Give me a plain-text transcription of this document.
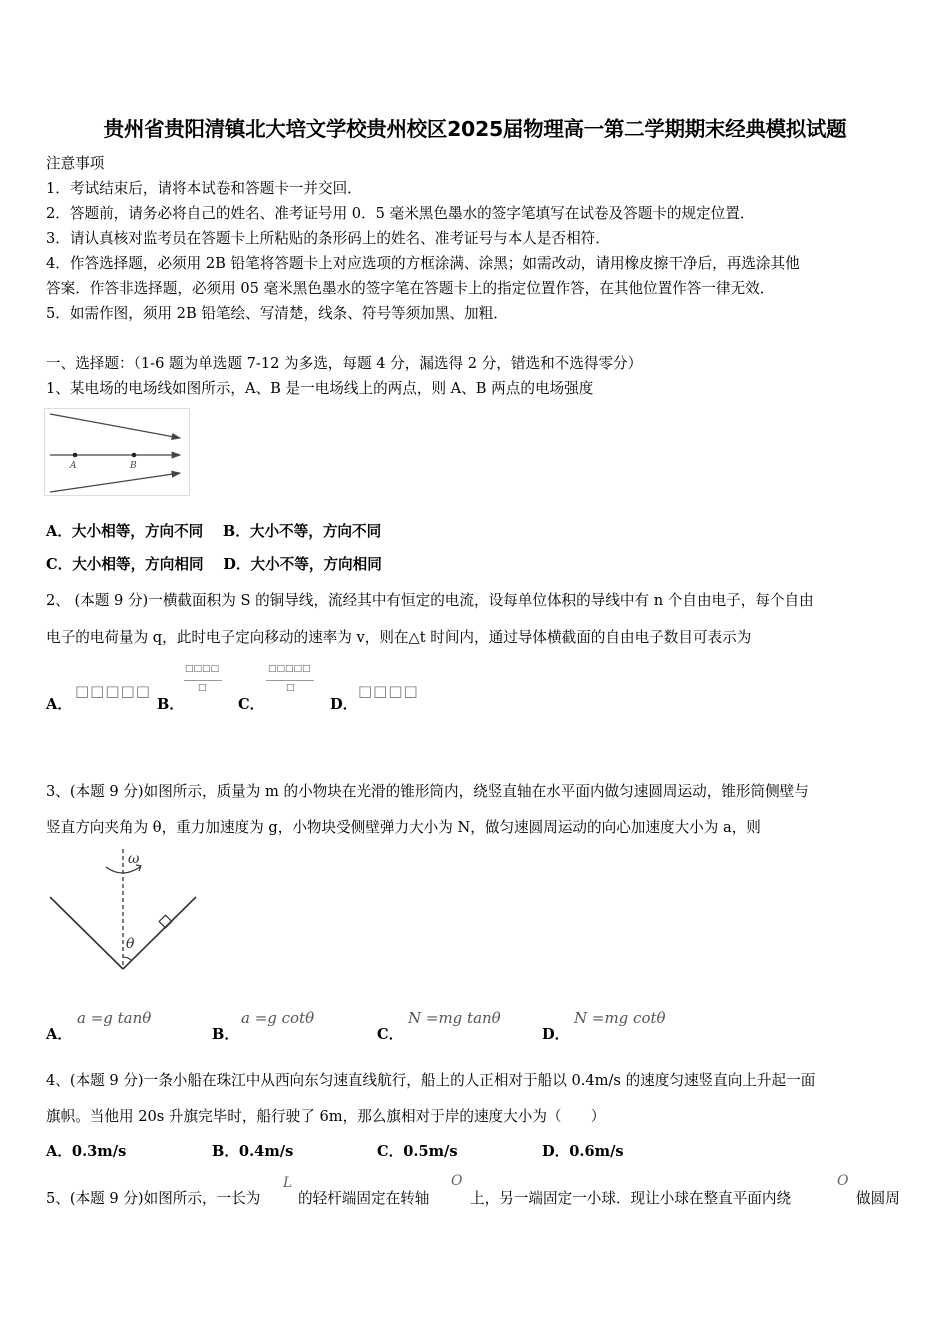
贵州省贵阳清镇北大培文学校贵州校区2025届物理高一第二学期期末经典模拟试题
注意事项
1．考试结束后，请将本试卷和答题卡一并交回．
2．答题前，请务必将自己的姓名、准考证号用 0．5 毫米黑色墨水的签字笔填写在试卷及答题卡的规定位置．
3．请认真核对监考员在答题卡上所粘贴的条形码上的姓名、准考证号与本人是否相符．
4．作答选择题，必须用 2B 铅笔将答题卡上对应选项的方框涂满、涂黑；如需改动，请用橡皮擦干净后，再选涂其他
答案．作答非选择题，必须用 05 毫米黑色墨水的签字笔在答题卡上的指定位置作答，在其他位置作答一律无效．
5．如需作图，须用 2B 铅笔绘、写清楚，线条、符号等须加黑、加粗．
一、选择题：（1-6 题为单选题 7-12 为多选，每题 4 分，漏选得 2 分，错选和不选得零分）
1、某电场的电场线如图所示，A、B 是一电场线上的两点，则 A、B 两点的电场强度
A	B
A．大小相等，方向不同　 B．大小不等，方向不同
C．大小相等，方向相同　 D．大小不等，方向相同
2、 (本题 9 分)一横截面积为 S 的铜导线，流经其中有恒定的电流，设每单位体积的导线中有 n 个自由电子，每个自由
电子的电荷量为 q，此时电子定向移动的速率为 v，则在△t 时间内，通过导体横截面的自由电子数目可表示为
A．
□□□□□
B．
□□□□
□
C．
□□□□□
□
D．
□□□□
3、(本题 9 分)如图所示，质量为 m 的小物块在光滑的锥形筒内，绕竖直轴在水平面内做匀速圆周运动，锥形筒侧壁与
竖直方向夹角为 θ，重力加速度为 g，小物块受侧壁弹力大小为 N，做匀速圆周运动的向心加速度大小为 a，则
ω
θ
A．
a =g tanθ
B．
a =g cotθ
C．
N =mg tanθ
D．
N =mg cotθ
4、(本题 9 分)一条小船在珠江中从西向东匀速直线航行，船上的人正相对于船以 0.4m/s 的速度匀速竖直向上升起一面
旗帜。当他用 20s 升旗完毕时，船行驶了 6m，那么旗相对于岸的速度大小为（　　）
A．0.3m/s	B．0.4m/s	C．0.5m/s	D．0.6m/s
5、(本题 9 分)如图所示，一长为
L
的轻杆端固定在转轴
O
上，另一端固定一小球．现让小球在整直平面内绕
O
做圆周
